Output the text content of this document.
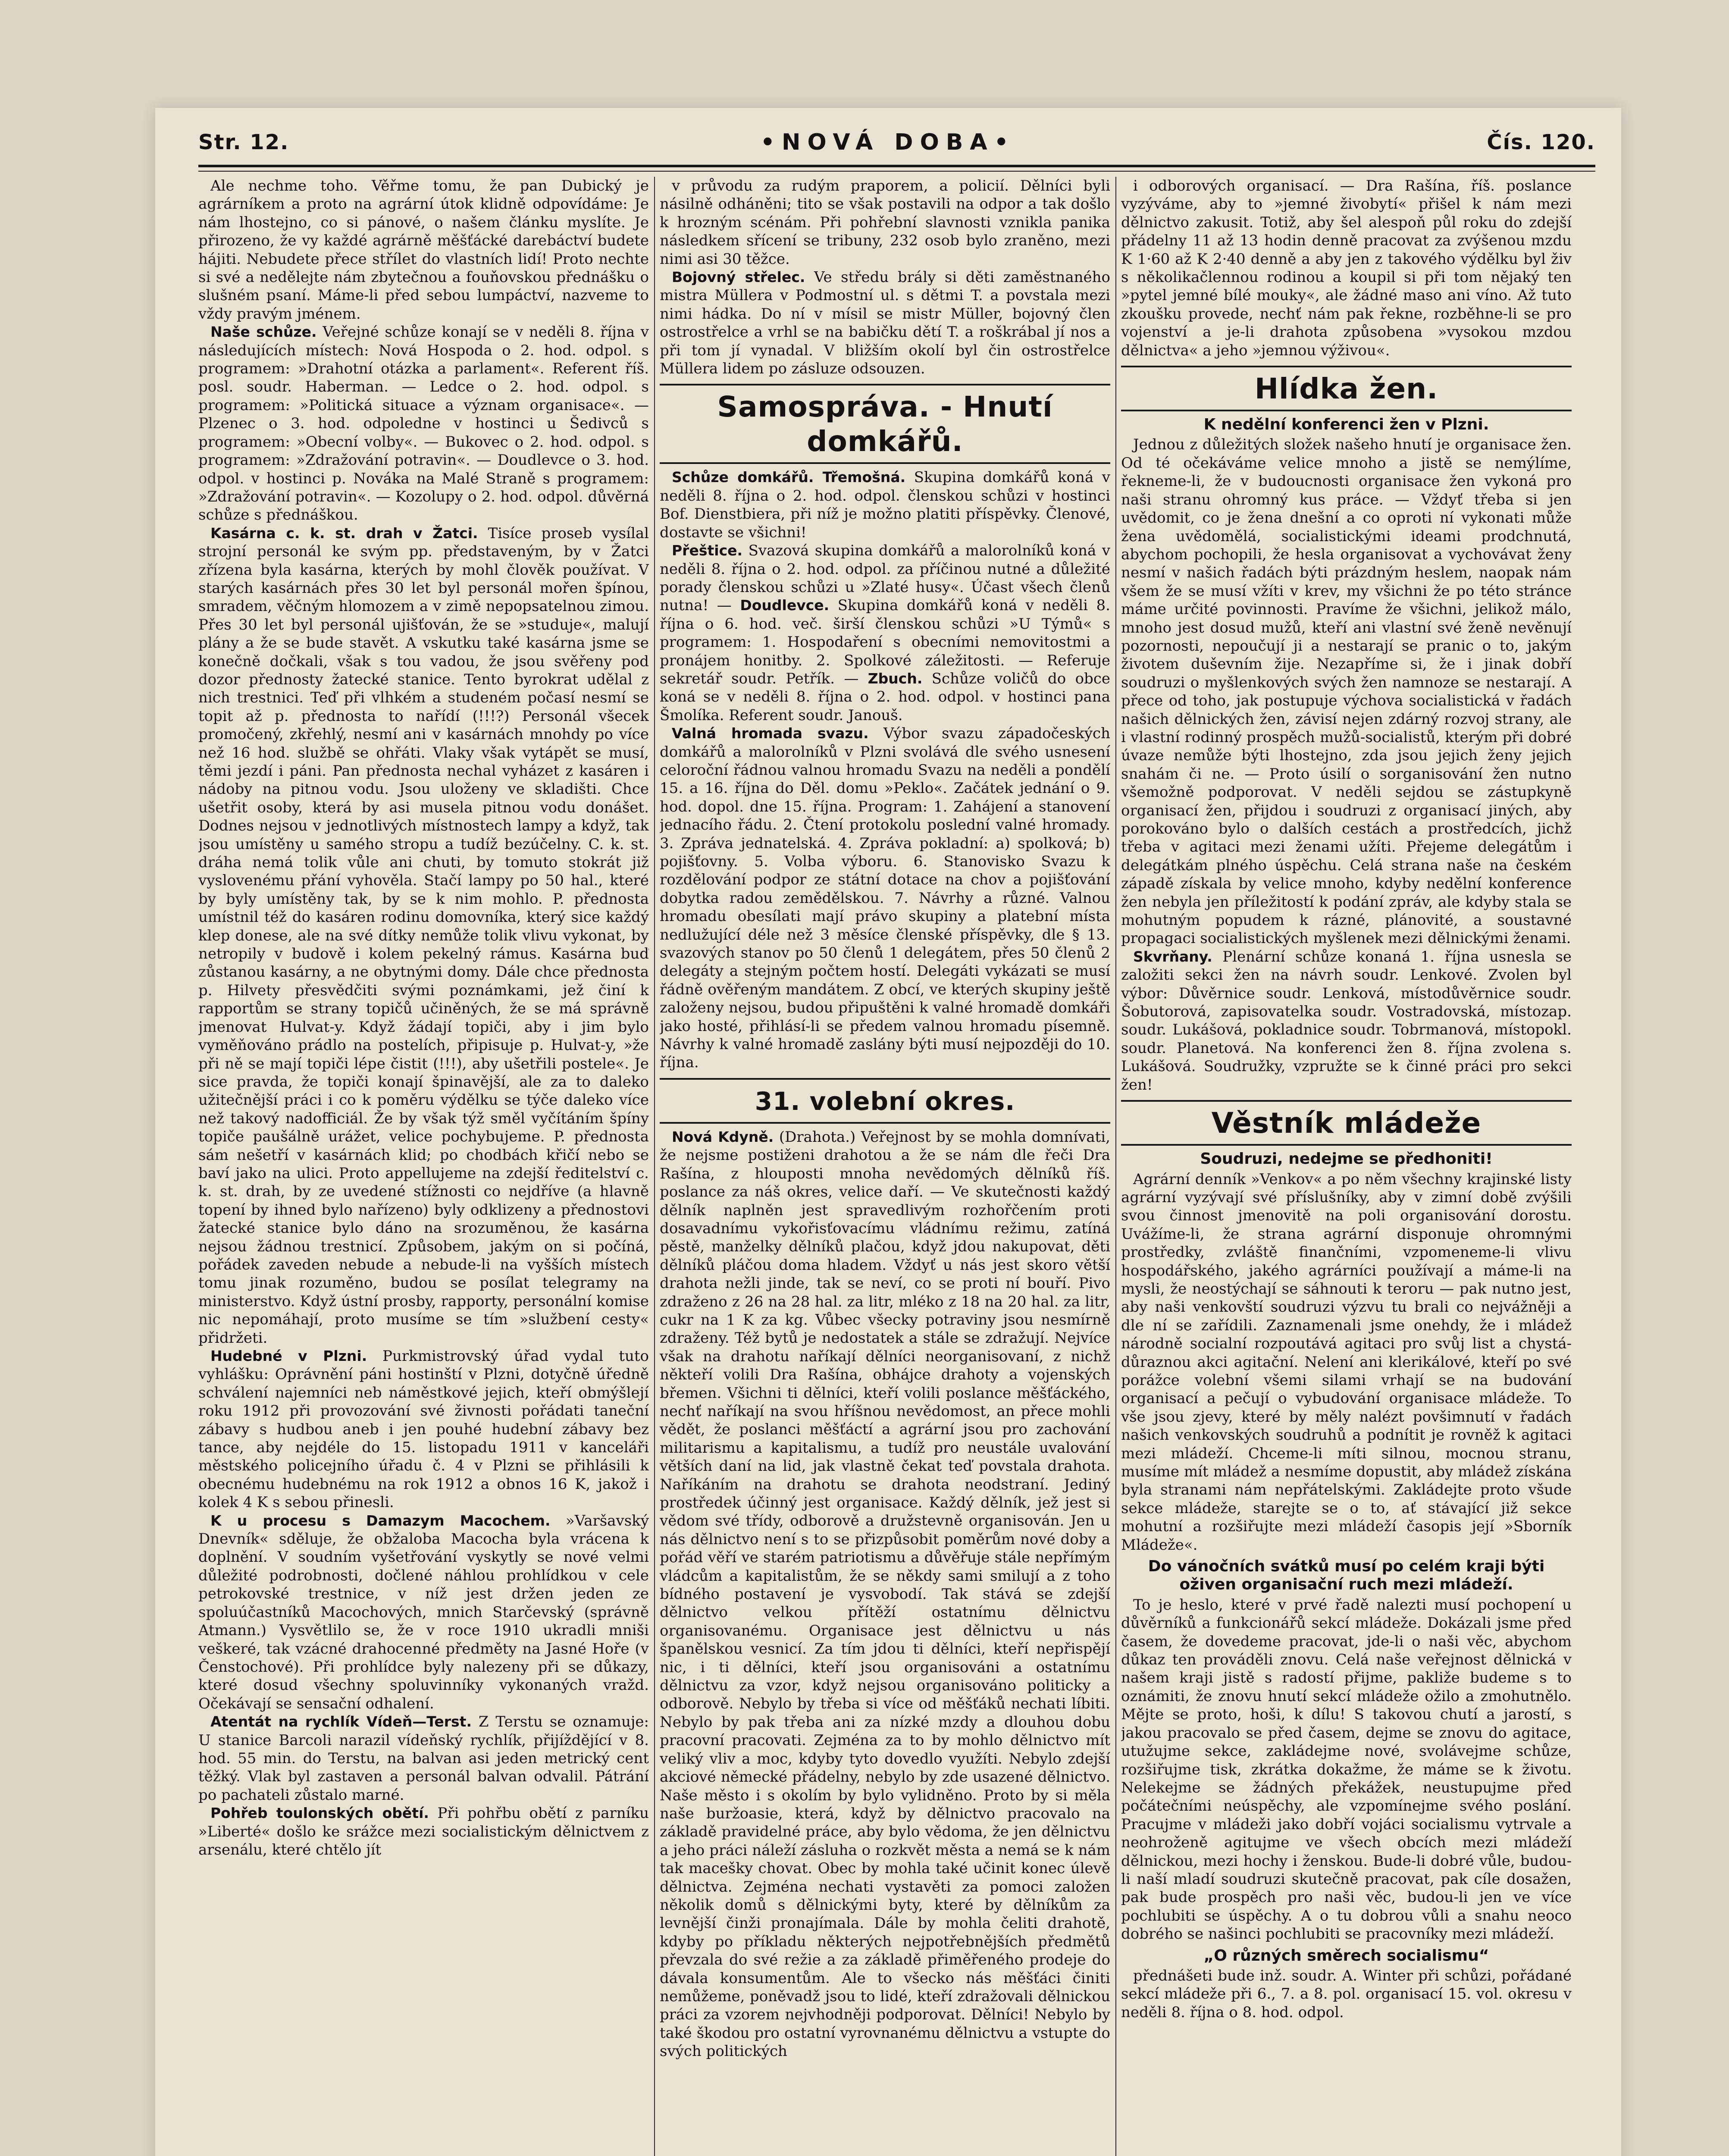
Str. 12.	•NOVÁ DOBA•	Čís. 120.

Ale nechme toho. Věřme tomu, že pan Dubický je agrárníkem a proto na agrární útok klidně odpovídáme: Je nám lhostejno, co si pánové, o našem článku myslíte. Je přirozeno, že vy každé agrárně měšťácké darebáctví budete hájiti. Nebudete přece střílet do vlastních lidí! Proto nechte si své a nedělejte nám zbytečnou a fouňovskou přednášku o slušném psaní. Máme-li před sebou lumpáctví, nazveme to vždy pravým jménem.

Naše schůze. Veřejné schůze konají se v neděli 8. října v následujících místech: Nová Hospoda o 2. hod. odpol. s programem: »Drahotní otázka a parlament«. Referent říš. posl. soudr. Haberman. — Ledce o 2. hod. odpol. s programem: »Politická situace a význam organisace«. — Plzenec o 3. hod. odpoledne v hostinci u Šedivců s programem: »Obecní volby«. — Bukovec o 2. hod. odpol. s programem: »Zdražování potravin«. — Doudlevce o 3. hod. odpol. v hostinci p. Nováka na Malé Straně s programem: »Zdražování potravin«. — Kozolupy o 2. hod. odpol. důvěrná schůze s přednáškou.

Kasárna c. k. st. drah v Žatci. Tisíce proseb vysílal strojní personál ke svým pp. představeným, by v Žatci zřízena byla kasárna, kterých by mohl člověk používat. V starých kasárnách přes 30 let byl personál mořen špínou, smradem, věčným hlomozem a v zimě nepopsatelnou zimou. Přes 30 let byl personál ujišťován, že se »studuje«, malují plány a že se bude stavět. A vskutku také kasárna jsme se konečně dočkali, však s tou vadou, že jsou svěřeny pod dozor přednosty žatecké stanice. Tento byrokrat udělal z nich trestnici. Teď při vlhkém a studeném počasí nesmí se topit až p. přednosta to nařídí (!!!?) Personál všecek promočený, zkřehlý, nesmí ani v kasárnách mnohdy po více než 16 hod. službě se ohřáti. Vlaky však vytápět se musí, těmi jezdí i páni. Pan přednosta nechal vyházet z kasáren i nádoby na pitnou vodu. Jsou uloženy ve skladišti. Chce ušetřit osoby, která by asi musela pitnou vodu donášet. Dodnes nejsou v jednotlivých místnostech lampy a když, tak jsou umístěny u samého stropu a tudíž bezúčelny. C. k. st. dráha nemá tolik vůle ani chuti, by tomuto stokrát již vyslovenému přání vyhověla. Stačí lampy po 50 hal., které by byly umístěny tak, by se k nim mohlo. P. přednosta umístnil též do kasáren rodinu domovníka, který sice každý klep donese, ale na své dítky nemůže tolik vlivu vykonat, by netropily v budově i kolem pekelný rámus. Kasárna buď zůstanou kasárny, a ne obytnými domy. Dále chce přednosta p. Hilvety přesvědčiti svými poznámkami, jež činí k rapportům se strany topičů učiněných, že se má správně jmenovat Hulvat-y. Když žádají topiči, aby i jim bylo vyměňováno prádlo na postelích, připisuje p. Hulvat-y, »že při ně se mají topiči lépe čistit (!!!), aby ušetřili postele«. Je sice pravda, že topiči konají špinavější, ale za to daleko užitečnější práci i co k poměru výdělku se týče daleko více než takový nadofficiál. Že by však týž směl vyčítáním špíny topiče paušálně urážet, velice pochybujeme. P. přednosta sám nešetří v kasárnách klid; po chodbách křičí nebo se baví jako na ulici. Proto appellujeme na zdejší ředitelství c. k. st. drah, by ze uvedené stížnosti co nejdříve (a hlavně topení by ihned bylo nařízeno) byly odklizeny a přednostovi žatecké stanice bylo dáno na srozuměnou, že kasárna nejsou žádnou trestnicí. Způsobem, jakým on si počíná, pořádek zaveden nebude a nebude-li na vyšších místech tomu jinak rozuměno, budou se posílat telegramy na ministerstvo. Když ústní prosby, rapporty, personální komise nic nepomáhají, proto musíme se tím »službení cesty« přidržeti.

Hudebné v Plzni. Purkmistrovský úřad vydal tuto vyhlášku: Oprávnění páni hostinští v Plzni, dotyčně úředně schválení najemníci neb náměstkové jejich, kteří obmýšlejí roku 1912 při provozování své živnosti pořádati taneční zábavy s hudbou aneb i jen pouhé hudební zábavy bez tance, aby nejdéle do 15. listopadu 1911 v kanceláři městského policejního úřadu č. 4 v Plzni se přihlásili k obecnému hudebnému na rok 1912 a obnos 16 K, jakož i kolek 4 K s sebou přinesli.

K u procesu s Damazym Macochem. »Varšavský Dnevník« sděluje, že obžaloba Macocha byla vrácena k doplnění. V soudním vyšetřování vyskytly se nové velmi důležité podrobnosti, dočlené náhlou prohlídkou v cele petrokovské trestnice, v níž jest držen jeden ze spoluúčastníků Macochových, mnich Starčevský (správně Atmann.) Vysvětlilo se, že v roce 1910 ukradli mniši veškeré, tak vzácné drahocenné předměty na Jasné Hoře (v Čenstochové). Při prohlídce byly nalezeny při se důkazy, které dosud všechny spoluvinníky vykonaných vražd. Očekávají se sensační odhalení.

Atentát na rychlík Vídeň—Terst. Z Terstu se oznamuje: U stanice Barcoli narazil vídeňský rychlík, přijíždějící v 8. hod. 55 min. do Terstu, na balvan asi jeden metrický cent těžký. Vlak byl zastaven a personál balvan odvalil. Pátrání po pachateli zůstalo marné.

Pohřeb toulonských obětí. Při pohřbu obětí z parníku »Liberté« došlo ke srážce mezi socialistickým dělnictvem z arsenálu, které chtělo jít

v průvodu za rudým praporem, a policií. Dělníci byli násilně odháněni; tito se však postavili na odpor a tak došlo k hrozným scénám. Při pohřební slavnosti vznikla panika následkem sřícení se tribuny, 232 osob bylo zraněno, mezi nimi asi 30 těžce.

Bojovný střelec. Ve středu brály si děti zaměstnaného mistra Müllera v Podmostní ul. s dětmi T. a povstala mezi nimi hádka. Do ní v mísil se mistr Müller, bojovný člen ostrostřelce a vrhl se na babičku dětí T. a roškrábal jí nos a při tom jí vynadal. V bližším okolí byl čin ostrostřelce Müllera lidem po zásluze odsouzen.

Samospráva. - Hnutí domkářů.

Schůze domkářů. Třemošná. Skupina domkářů koná v neděli 8. října o 2. hod. odpol. členskou schůzi v hostinci Bof. Dienstbiera, při níž je možno platiti příspěvky. Členové, dostavte se všichni!

Přeštice. Svazová skupina domkářů a malorolníků koná v neděli 8. října o 2. hod. odpol. za příčinou nutné a důležité porady členskou schůzi u »Zlaté husy«. Účast všech členů nutna! — Doudlevce. Skupina domkářů koná v neděli 8. října o 6. hod. več. širší členskou schůzi »U Týmů« s programem: 1. Hospodaření s obecními nemovitostmi a pronájem honitby. 2. Spolkové záležitosti. — Referuje sekretář soudr. Petřík. — Zbuch. Schůze voličů do obce koná se v neděli 8. října o 2. hod. odpol. v hostinci pana Šmolíka. Referent soudr. Janouš.

Valná hromada svazu. Výbor svazu západočeských domkářů a malorolníků v Plzni svolává dle svého usnesení celoroční řádnou valnou hromadu Svazu na neděli a pondělí 15. a 16. října do Děl. domu »Peklo«. Začátek jednání o 9. hod. dopol. dne 15. října. Program: 1. Zahájení a stanovení jednacího řádu. 2. Čtení protokolu poslední valné hromady. 3. Zpráva jednatelská. 4. Zpráva pokladní: a) spolková; b) pojišťovny. 5. Volba výboru. 6. Stanovisko Svazu k rozdělování podpor ze státní dotace na chov a pojišťování dobytka radou zemědělskou. 7. Návrhy a různé. Valnou hromadu obesílati mají právo skupiny a platební místa nedlužující déle než 3 měsíce členské příspěvky, dle § 13. svazových stanov po 50 členů 1 delegátem, přes 50 členů 2 delegáty a stejným počtem hostí. Delegáti vykázati se musí řádně ověřeným mandátem. Z obcí, ve kterých skupiny ještě založeny nejsou, budou připuštěni k valné hromadě domkáři jako hosté, přihlásí-li se předem valnou hromadu písemně. Návrhy k valné hromadě zaslány býti musí nejpozději do 10. října.

31. volební okres.

Nová Kdyně. (Drahota.) Veřejnost by se mohla domnívati, že nejsme postiženi drahotou a že se nám dle řeči Dra Rašína, z hlouposti mnoha nevědomých dělníků říš. poslance za náš okres, velice daří. — Ve skutečnosti každý dělník naplněn jest spravedlivým rozhořčením proti dosavadnímu vykořisťovacímu vládnímu režimu, zatíná pěstě, manželky dělníků plačou, když jdou nakupovat, děti dělníků pláčou doma hladem. Vždyť u nás jest skoro větší drahota nežli jinde, tak se neví, co se proti ní bouří. Pivo zdraženo z 26 na 28 hal. za litr, mléko z 18 na 20 hal. za litr, cukr na 1 K za kg. Vůbec všecky potraviny jsou nesmírně zdraženy. Též bytů je nedostatek a stále se zdražují. Nejvíce však na drahotu naříkají dělníci neorganisovaní, z nichž někteří volili Dra Rašína, obhájce drahoty a vojenských břemen. Všichni ti dělníci, kteří volili poslance měšťáckého, nechť naříkají na svou hříšnou nevědomost, an přece mohli vědět, že poslanci měšťáctí a agrární jsou pro zachování militarismu a kapitalismu, a tudíž pro neustále uvalování větších daní na lid, jak vlastně čekat teď povstala drahota. Naříkáním na drahotu se drahota neodstraní. Jediný prostředek účinný jest organisace. Každý dělník, jež jest si vědom své třídy, odborově a družstevně organisován. Jen u nás dělnictvo není s to se přizpůsobit poměrům nové doby a pořád věří ve starém patriotismu a důvěřuje stále nepřímým vládcům a kapitalistům, že se někdy sami smilují a z toho bídného postavení je vysvobodí. Tak stává se zdejší dělnictvo velkou přítěží ostatnímu dělnictvu organisovanému. Organisace jest dělnictvu u nás španělskou vesnicí. Za tím jdou ti dělníci, kteří nepřispějí nic, i ti dělníci, kteří jsou organisováni a ostatnímu dělnictvu za vzor, když nejsou organisováno politicky a odborově. Nebylo by třeba si více od měšťáků nechati líbiti. Nebylo by pak třeba ani za nízké mzdy a dlouhou dobu pracovní pracovati. Zejména za to by mohlo dělnictvo mít veliký vliv a moc, kdyby tyto dovedlo využíti. Nebylo zdejší akciové německé přádelny, nebylo by zde usazené dělnictvo. Naše město i s okolím by bylo vylidněno. Proto by si měla naše buržoasie, která, když by dělnictvo pracovalo na základě pravidelné práce, aby bylo vědoma, že jen dělnictvu a jeho práci náleží zásluha o rozkvět města a nemá se k nám tak macešky chovat. Obec by mohla také učinit konec úlevě dělnictva. Zejména nechati vystavěti za pomoci založen několik domů s dělnickými byty, které by dělníkům za levnější činži pronajímala. Dále by mohla čeliti drahotě, kdyby po příkladu některých nejpotřebnějších předmětů převzala do své režie a za základě přiměřeného prodeje do dávala konsumentům. Ale to všecko nás měšťáci činiti nemůžeme, poněvadž jsou to lidé, kteří zdražovali dělnickou práci za vzorem nejvhodněji podporovat. Dělníci! Nebylo by také škodou pro ostatní vyrovnanému dělnictvu a vstupte do svých politických

i odborových organisací. — Dra Rašína, říš. poslance vyzýváme, aby to »jemné živobytí« přišel k nám mezi dělnictvo zakusit. Totiž, aby šel alespoň půl roku do zdejší přádelny 11 až 13 hodin denně pracovat za zvýšenou mzdu K 1·60 až K 2·40 denně a aby jen z takového výdělku byl živ s několikačlennou rodinou a koupil si při tom nějaký ten »pytel jemné bílé mouky«, ale žádné maso ani víno. Až tuto zkoušku provede, nechť nám pak řekne, rozběhne-li se pro vojenství a je-li drahota způsobena »vysokou mzdou dělnictva« a jeho »jemnou výživou«.

Hlídka žen.
K nedělní konferenci žen v Plzni.

Jednou z důležitých složek našeho hnutí je organisace žen. Od té očekáváme velice mnoho a jistě se nemýlíme, řekneme-li, že v budoucnosti organisace žen vykoná pro naši stranu ohromný kus práce. — Vždyť třeba si jen uvědomit, co je žena dnešní a co oproti ní vykonati může žena uvědomělá, socialistickými ideami prodchnutá, abychom pochopili, že hesla organisovat a vychovávat ženy nesmí v našich řadách býti prázdným heslem, naopak nám všem že se musí vžíti v krev, my všichni že po této stránce máme určité povinnosti. Pravíme že všichni, jelikož málo, mnoho jest dosud mužů, kteří ani vlastní své ženě nevěnují pozornosti, nepoučují ji a nestarají se pranic o to, jakým životem duševním žije. Nezapříme si, že i jinak dobří soudruzi o myšlenkových svých žen namnoze se nestarají. A přece od toho, jak postupuje výchova socialistická v řadách našich dělnických žen, závisí nejen zdárný rozvoj strany, ale i vlastní rodinný prospěch mužů-socialistů, kterým při dobré úvaze nemůže býti lhostejno, zda jsou jejich ženy jejich snahám či ne. — Proto úsilí o sorganisování žen nutno všemožně podporovat. V neděli sejdou se zástupkyně organisací žen, přijdou i soudruzi z organisací jiných, aby porokováno bylo o dalších cestách a prostředcích, jichž třeba v agitaci mezi ženami užíti. Přejeme delegátům i delegátkám plného úspěchu. Celá strana naše na českém západě získala by velice mnoho, kdyby nedělní konference žen nebyla jen příležitostí k podání zpráv, ale kdyby stala se mohutným popudem k rázné, plánovité, a soustavné propagaci socialistických myšlenek mezi dělnickými ženami.

Skvrňany. Plenární schůze konaná 1. října usnesla se založiti sekci žen na návrh soudr. Lenkové. Zvolen byl výbor: Důvěrnice soudr. Lenková, místodůvěrnice soudr. Šobutorová, zapisovatelka soudr. Vostradovská, místozap. soudr. Lukášová, pokladnice soudr. Tobrmanová, místopokl. soudr. Planetová. Na konferenci žen 8. října zvolena s. Lukášová. Soudružky, vzpružte se k činné práci pro sekci žen!

Věstník mládeže
Soudruzi, nedejme se předhoniti!

Agrární denník »Venkov« a po něm všechny krajinské listy agrární vyzývají své příslušníky, aby v zimní době zvýšili svou činnost jmenovitě na poli organisování dorostu. Uvážíme-li, že strana agrární disponuje ohromnými prostředky, zvláště finančními, vzpomeneme-li vlivu hospodářského, jakého agrárníci používají a máme-li na mysli, že neostýchají se sáhnouti k teroru — pak nutno jest, aby naši venkovští soudruzi výzvu tu brali co nejvážněji a dle ní se zařídili. Zaznamenali jsme onehdy, že i mládež národně socialní rozpoutává agitaci pro svůj list a chystá-důraznou akci agitační. Nelení ani klerikálové, kteří po své porážce volební všemi silami vrhají se na budování organisací a pečují o vybudování organisace mládeže. To vše jsou zjevy, které by měly nalézt povšimnutí v řadách našich venkovských soudruhů a podnítit je rovněž k agitaci mezi mládeží. Chceme-li míti silnou, mocnou stranu, musíme mít mládež a nesmíme dopustit, aby mládež získána byla stranami nám nepřátelskými. Zakládejte proto všude sekce mládeže, starejte se o to, ať stávající již sekce mohutní a rozšiřujte mezi mládeží časopis její »Sborník Mládeže«.

Do vánočních svátků musí po celém kraji býti oživen organisační ruch mezi mládeží.

To je heslo, které v prvé řadě nalezti musí pochopení u důvěrníků a funkcionářů sekcí mládeže. Dokázali jsme před časem, že dovedeme pracovat, jde-li o naši věc, abychom důkaz ten prováděli znovu. Celá naše veřejnost dělnická v našem kraji jistě s radostí přijme, pakliže budeme s to oznámiti, že znovu hnutí sekcí mládeže ožilo a zmohutnělo. Mějte se proto, hoši, k dílu! S takovou chutí a jarostí, s jakou pracovalo se před časem, dejme se znovu do agitace, utužujme sekce, zakládejme nové, svolávejme schůze, rozšiřujme tisk, zkrátka dokažme, že máme se k životu. Nelekejme se žádných překážek, neustupujme před počátečními neúspěchy, ale vzpomínejme svého poslání. Pracujme v mládeži jako dobří vojáci socialismu vytrvale a neohroženě agitujme ve všech obcích mezi mládeží dělnickou, mezi hochy i ženskou. Bude-li dobré vůle, budou-li naší mladí soudruzi skutečně pracovat, pak cíle dosažen, pak bude prospěch pro naši věc, budou-li jen ve více pochlubiti se úspěchy. A o tu dobrou vůli a snahu neoco dobrého se našinci pochlubiti se pracovníky mezi mládeží.

„O různých směrech socialismu“

přednášeti bude inž. soudr. A. Winter při schůzi, pořádané sekcí mládeže při 6., 7. a 8. pol. organisací 15. vol. okresu v neděli 8. října o 8. hod. odpol.
